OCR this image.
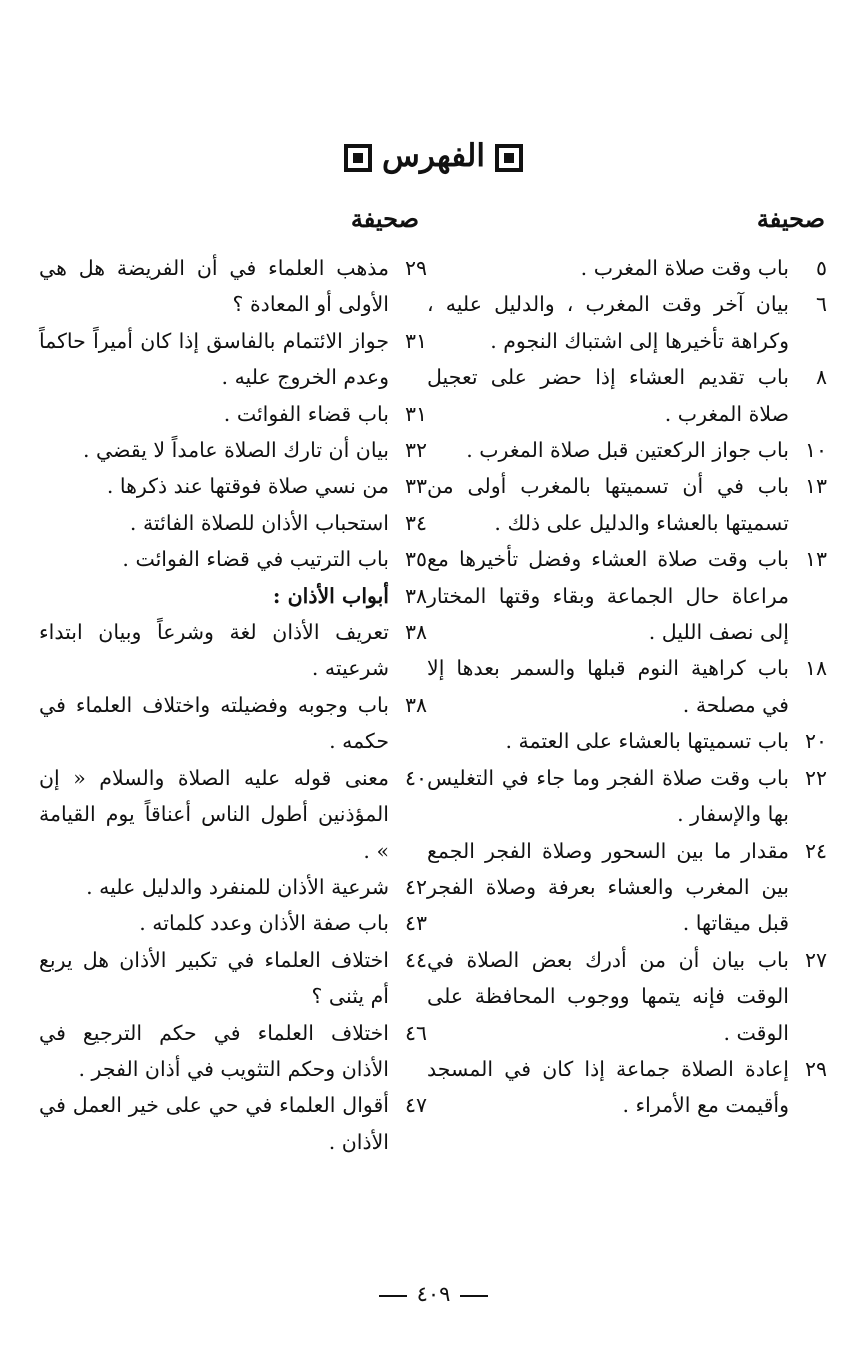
الفهرس
صحيفة
صحيفة
٥
باب وقت صلاة المغرب .
٦
بيان آخر وقت المغرب ، والدليل عليه ، وكراهة تأخيرها إلى اشتباك النجوم .
٨
باب تقديم العشاء إذا حضر على تعجيل صلاة المغرب .
١٠
باب جواز الركعتين قبل صلاة المغرب .
١٣
باب في أن تسميتها بالمغرب أولى من تسميتها بالعشاء والدليل على ذلك .
١٣
باب وقت صلاة العشاء وفضل تأخيرها مع مراعاة حال الجماعة وبقاء وقتها المختار إلى نصف الليل .
١٨
باب كراهية النوم قبلها والسمر بعدها إلا في مصلحة .
٢٠
باب تسميتها بالعشاء على العتمة .
٢٢
باب وقت صلاة الفجر وما جاء في التغليس بها والإسفار .
٢٤
مقدار ما بين السحور وصلاة الفجر الجمع بين المغرب والعشاء بعرفة وصلاة الفجر قبل ميقاتها .
٢٧
باب بيان أن من أدرك بعض الصلاة في الوقت فإنه يتمها ووجوب المحافظة على الوقت .
٢٩
إعادة الصلاة جماعة إذا كان في المسجد وأقيمت مع الأمراء .
٢٩
مذهب العلماء في أن الفريضة هل هي الأولى أو المعادة ؟
٣١
جواز الائتمام بالفاسق إذا كان أميراً حاكماً وعدم الخروج عليه .
٣١
باب قضاء الفوائت .
٣٢
بيان أن تارك الصلاة عامداً لا يقضي .
٣٣
من نسي صلاة فوقتها عند ذكرها .
٣٤
استحباب الأذان للصلاة الفائتة .
٣٥
باب الترتيب في قضاء الفوائت .
٣٨
أبواب الأذان :
٣٨
تعريف الأذان لغة وشرعاً وبيان ابتداء شرعيته .
٣٨
باب وجوبه وفضيلته واختلاف العلماء في حكمه .
٤٠
معنى قوله عليه الصلاة والسلام « إن المؤذنين أطول الناس أعناقاً يوم القيامة » .
٤٢
شرعية الأذان للمنفرد والدليل عليه .
٤٣
باب صفة الأذان وعدد كلماته .
٤٤
اختلاف العلماء في تكبير الأذان هل يربع أم يثنى ؟
٤٦
اختلاف العلماء في حكم الترجيع في الأذان وحكم التثويب في أذان الفجر .
٤٧
أقوال العلماء في حي على خير العمل في الأذان .
٤٠٩
